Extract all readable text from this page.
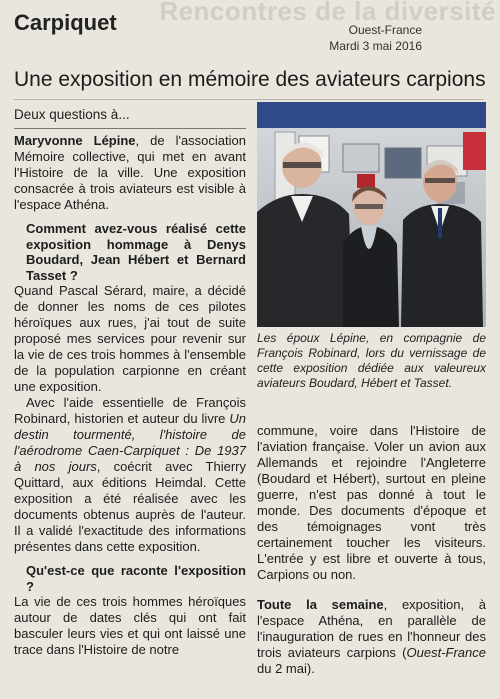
Rencontres de la diversité
Carpiquet	Ouest-France
Mardi 3 mai 2016
Une exposition en mémoire des aviateurs carpions
Deux questions à...

Maryvonne Lépine, de l'association Mémoire collective, qui met en avant l'Histoire de la ville. Une exposition consacrée à trois aviateurs est visible à l'espace Athéna.

Comment avez-vous réalisé cette exposition hommage à Denys Boudard, Jean Hébert et Bernard Tasset ?

Quand Pascal Sérard, maire, a décidé de donner les noms de ces pilotes héroïques aux rues, j'ai tout de suite proposé mes services pour revenir sur la vie de ces trois hommes à l'ensemble de la population carpionne en créant une exposition.

Avec l'aide essentielle de François Robinard, historien et auteur du livre Un destin tourmenté, l'histoire de l'aérodrome Caen-Carpiquet : De 1937 à nos jours, coécrit avec Thierry Quittard, aux éditions Heimdal. Cette exposition a été réalisée avec les documents obtenus auprès de l'auteur. Il a validé l'exactitude des informations présentes dans cette exposition.

Qu'est-ce que raconte l'exposition ?

La vie de ces trois hommes héroïques autour de dates clés qui ont fait basculer leurs vies et qui ont laissé une trace dans l'Histoire de notre

Les époux Lépine, en compagnie de François Robinard, lors du vernissage de cette exposition dédiée aux valeureux aviateurs Boudard, Hébert et Tasset.

commune, voire dans l'Histoire de l'aviation française. Voler un avion aux Allemands et rejoindre l'Angleterre (Boudard et Hébert), surtout en pleine guerre, n'est pas donné à tout le monde. Des documents d'époque et des témoignages vont très certainement toucher les visiteurs. L'entrée y est libre et ouverte à tous, Carpions ou non.

Toute la semaine, exposition, à l'espace Athéna, en parallèle de l'inauguration de rues en l'honneur des trois aviateurs carpions (Ouest-France du 2 mai).
